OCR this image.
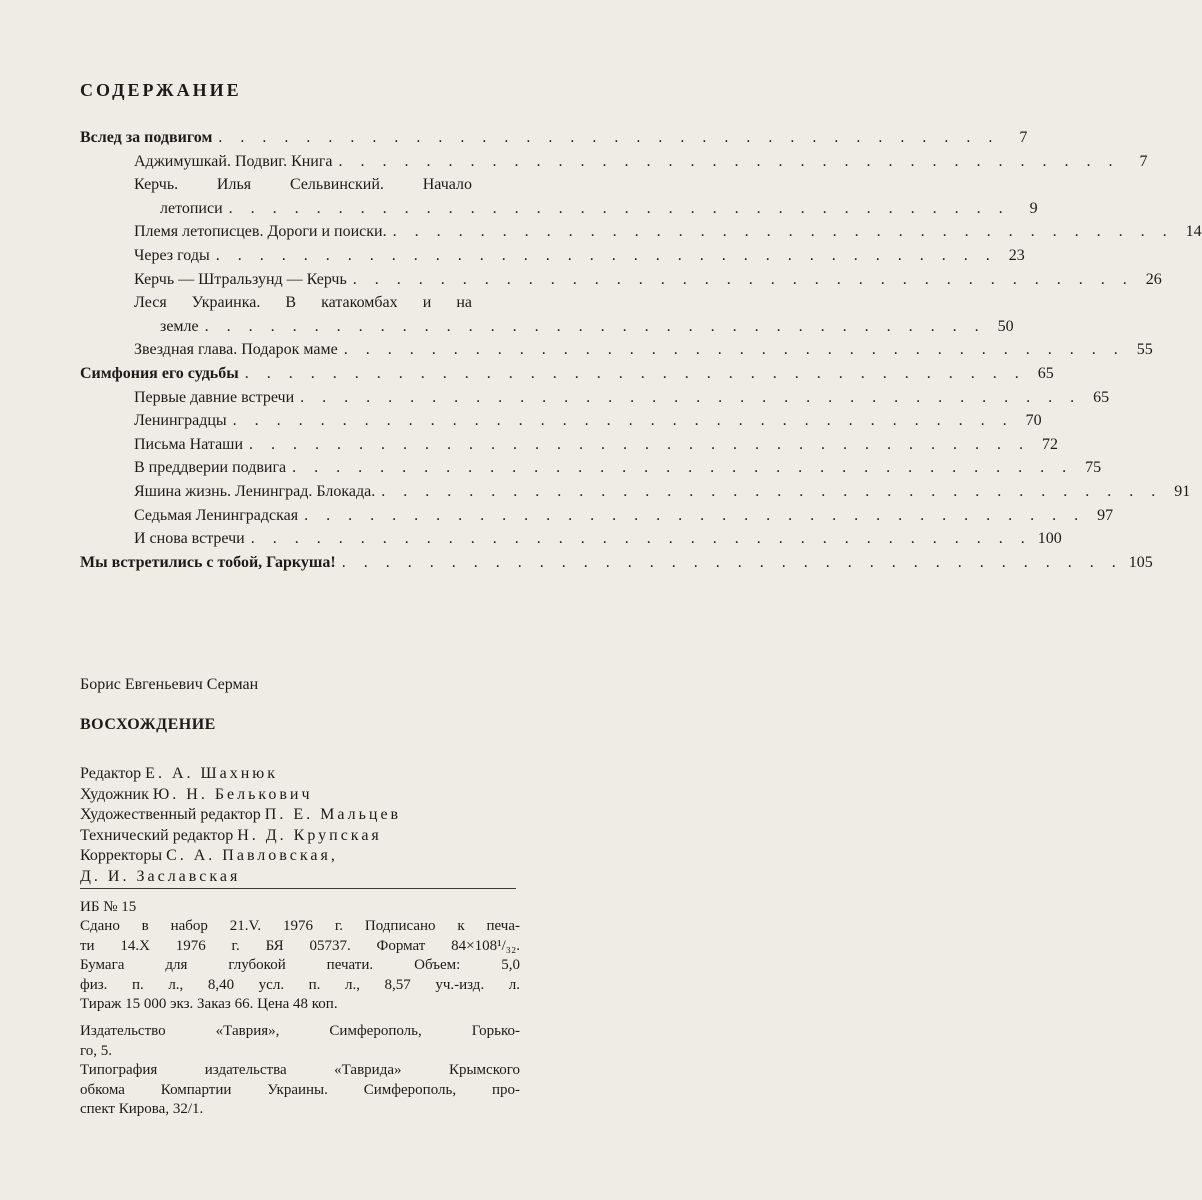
СОДЕРЖАНИЕ
Вслед за подвигом . . . . . . . . . . . . . . . . . . . . . . . . . . . . . . . . . . . .	7
Аджимушкай. Подвиг. Книга . . . . . . . . . . . . . . . . . . . . . . . . . . . . . . . . . . . .	7
Керчь. Илья Сельвинский. Начало
летописи . . . . . . . . . . . . . . . . . . . . . . . . . . . . . . . . . . . .	9
Племя летописцев. Дороги и поиски. . . . . . . . . . . . . . . . . . . . . . . . . . . . . . . . . . . . . 14
Через годы . . . . . . . . . . . . . . . . . . . . . . . . . . . . . . . . . . . . 23
Керчь — Штральзунд — Керчь . . . . . . . . . . . . . . . . . . . . . . . . . . . . . . . . . . . . 26
Леся Украинка. В катакомбах и на
земле . . . . . . . . . . . . . . . . . . . . . . . . . . . . . . . . . . . . 50
Звездная глава. Подарок маме . . . . . . . . . . . . . . . . . . . . . . . . . . . . . . . . . . . . 55
Симфония его судьбы . . . . . . . . . . . . . . . . . . . . . . . . . . . . . . . . . . . . 65
Первые давние встречи . . . . . . . . . . . . . . . . . . . . . . . . . . . . . . . . . . . . 65
Ленинградцы . . . . . . . . . . . . . . . . . . . . . . . . . . . . . . . . . . . . 70
Письма Наташи . . . . . . . . . . . . . . . . . . . . . . . . . . . . . . . . . . . . 72
В преддверии подвига . . . . . . . . . . . . . . . . . . . . . . . . . . . . . . . . . . . . 75
Яшина жизнь. Ленинград. Блокада. . . . . . . . . . . . . . . . . . . . . . . . . . . . . . . . . . . . . 91
Седьмая Ленинградская . . . . . . . . . . . . . . . . . . . . . . . . . . . . . . . . . . . . 97
И снова встречи . . . . . . . . . . . . . . . . . . . . . . . . . . . . . . . . . . . . 100
Мы встретились с тобой, Гаркуша! . . . . . . . . . . . . . . . . . . . . . . . . . . . . . . . . . . . . 105
Борис Евгеньевич Серман
ВОСХОЖДЕНИЕ
Редактор Е. А. Шахнюк
Художник Ю. Н. Белькович
Художественный редактор П. Е. Мальцев
Технический редактор Н. Д. Крупская
Корректоры С. А. Павловская,
Д. И. Заславская
ИБ № 15
Сдано в набор 21.V. 1976 г. Подписано к печа-
ти 14.X 1976 г. БЯ 05737. Формат 84×108¹/₃₂.
Бумага для глубокой печати. Объем: 5,0
физ. п. л., 8,40 усл. п. л., 8,57 уч.-изд. л.
Тираж 15 000 экз. Заказ 66. Цена 48 коп.
Издательство «Таврия», Симферополь, Горько-
го, 5.
Типография издательства «Таврида» Крымского
обкома Компартии Украины. Симферополь, про-
спект Кирова, 32/1.
